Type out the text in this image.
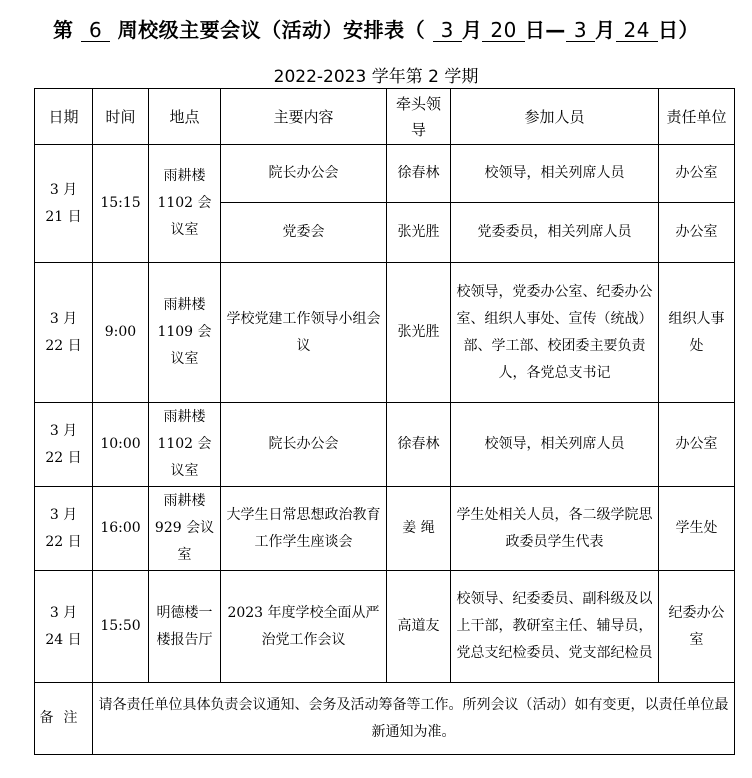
第 6 周校级主要会议（活动）安排表（ 3 月 20 日— 3 月 24 日）
2022-2023 学年第 2 学期
日期	时间	地点	主要内容	牵头领导	参加人员	责任单位
3 月 21 日	15:15	雨耕楼 1102 会议室	院长办公会	徐春林	校领导，相关列席人员	办公室
			党委会	张光胜	党委委员，相关列席人员	办公室
3 月 22 日	9:00	雨耕楼 1109 会议室	学校党建工作领导小组会议	张光胜	校领导，党委办公室、纪委办公室、组织人事处、宣传（统战）部、学工部、校团委主要负责人，各党总支书记	组织人事处
3 月 22 日	10:00	雨耕楼 1102 会议室	院长办公会	徐春林	校领导，相关列席人员	办公室
3 月 22 日	16:00	雨耕楼 929 会议室	大学生日常思想政治教育工作学生座谈会	姜 绳	学生处相关人员，各二级学院思政委员学生代表	学生处
3 月 24 日	15:50	明德楼一楼报告厅	2023 年度学校全面从严治党工作会议	高道友	校领导、纪委委员、副科级及以上干部，教研室主任、辅导员，党总支纪检委员、党支部纪检员	纪委办公室
备注	请各责任单位具体负责会议通知、会务及活动筹备等工作。所列会议（活动）如有变更，以责任单位最新通知为准。					
